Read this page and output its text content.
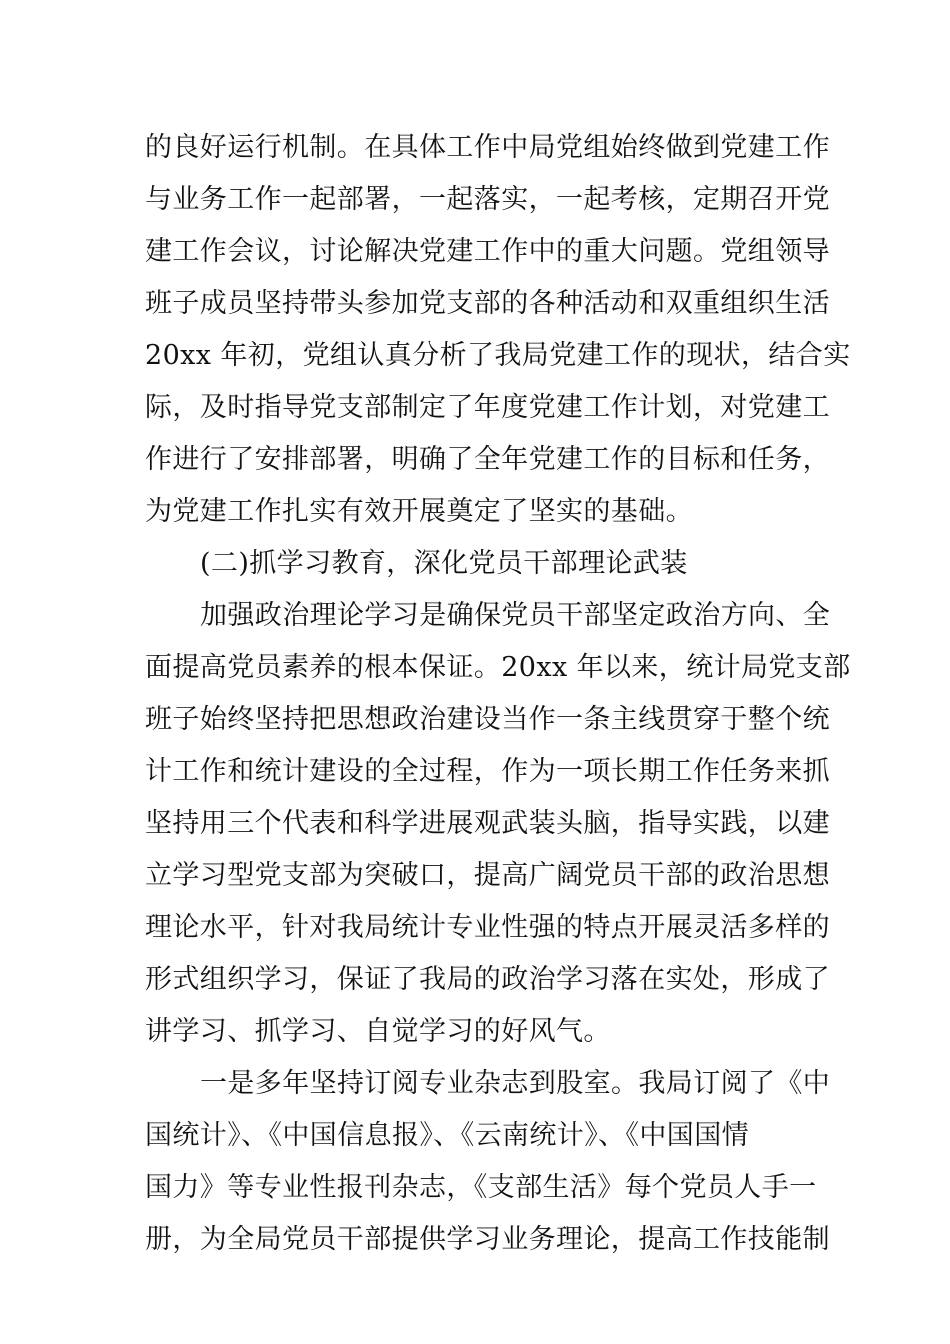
的良好运行机制。在具体工作中局党组始终做到党建工作
与业务工作一起部署，一起落实，一起考核，定期召开党
建工作会议，讨论解决党建工作中的重大问题。党组领导
班子成员坚持带头参加党支部的各种活动和双重组织生活
20xx 年初，党组认真分析了我局党建工作的现状，结合实
际，及时指导党支部制定了年度党建工作计划，对党建工
作进行了安排部署，明确了全年党建工作的目标和任务，
为党建工作扎实有效开展奠定了坚实的基础。
(二)抓学习教育，深化党员干部理论武装
加强政治理论学习是确保党员干部坚定政治方向、全
面提高党员素养的根本保证。20xx 年以来，统计局党支部
班子始终坚持把思想政治建设当作一条主线贯穿于整个统
计工作和统计建设的全过程，作为一项长期工作任务来抓
坚持用三个代表和科学进展观武装头脑，指导实践，以建
立学习型党支部为突破口，提高广阔党员干部的政治思想
理论水平，针对我局统计专业性强的特点开展灵活多样的
形式组织学习，保证了我局的政治学习落在实处，形成了
讲学习、抓学习、自觉学习的好风气。
一是多年坚持订阅专业杂志到股室。我局订阅了《中
国统计》、《中国信息报》、《云南统计》、《中国国情
国力》等专业性报刊杂志，《支部生活》每个党员人手一
册，为全局党员干部提供学习业务理论，提高工作技能制
